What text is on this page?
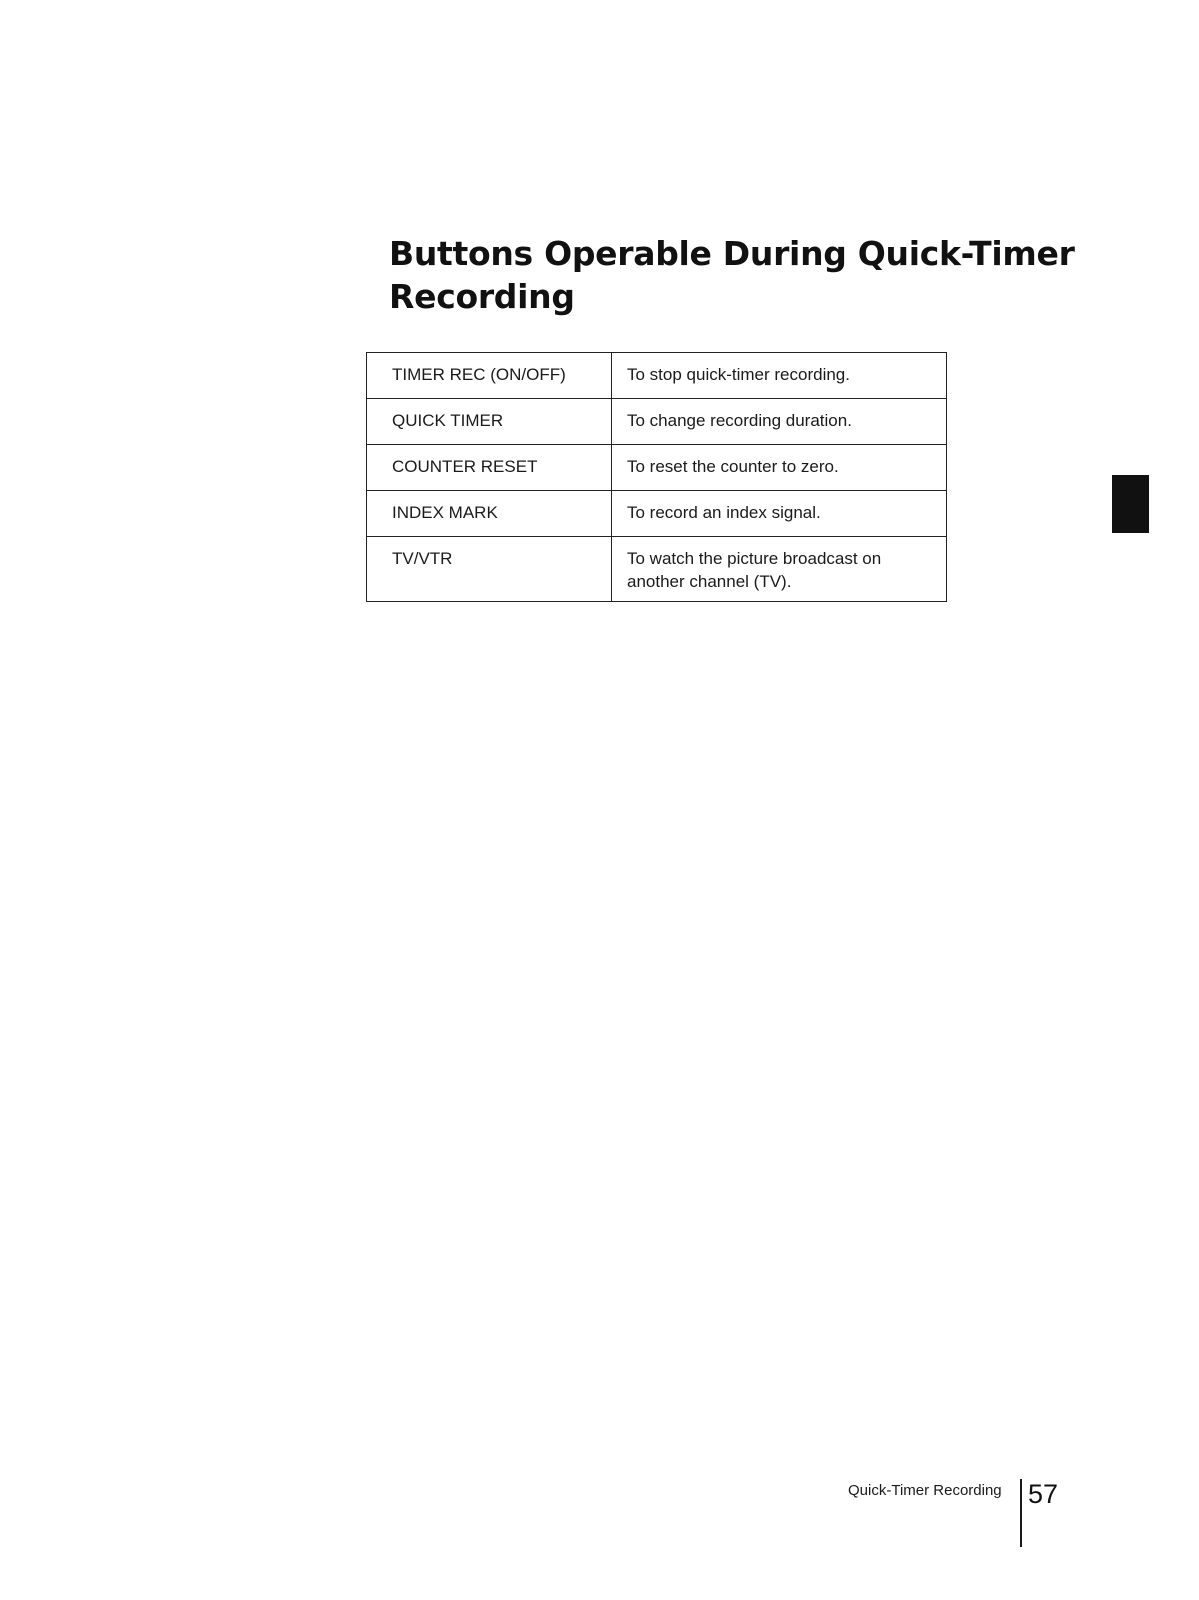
Buttons Operable During Quick-Timer Recording
TIMER REC (ON/OFF)	To stop quick-timer recording.
QUICK TIMER	To change recording duration.
COUNTER RESET	To reset the counter to zero.
INDEX MARK	To record an index signal.
TV/VTR	To watch the picture broadcast on another channel (TV).
Quick-Timer Recording 57
